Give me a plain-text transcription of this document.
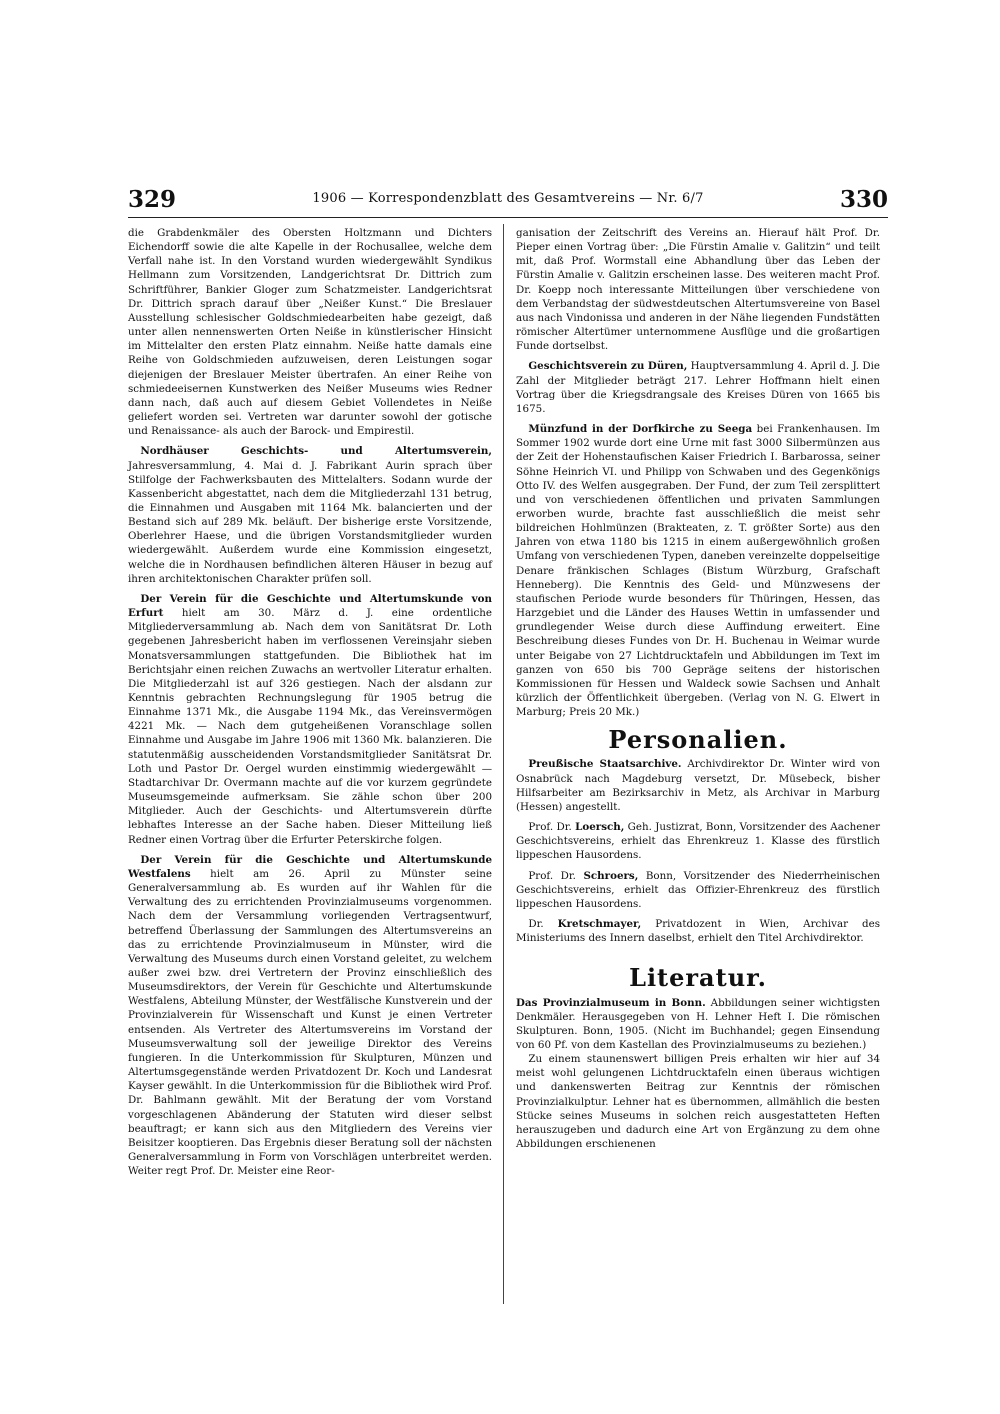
329	1906 — Korrespondenzblatt des Gesamtvereins — Nr. 6/7	330

die Grabdenkmäler des Obersten Holtzmann und Dichters Eichendorff sowie die alte Kapelle in der Rochusallee, welche dem Verfall nahe ist. In den Vorstand wurden wiedergewählt Syndikus Hellmann zum Vorsitzenden, Landgerichtsrat Dr. Dittrich zum Schriftführer, Bankier Gloger zum Schatzmeister. Landgerichtsrat Dr. Dittrich sprach darauf über „Neißer Kunst.“ Die Breslauer Ausstellung schlesischer Goldschmiedearbeiten habe gezeigt, daß unter allen nennenswerten Orten Neiße in künstlerischer Hinsicht im Mittelalter den ersten Platz einnahm. Neiße hatte damals eine Reihe von Goldschmieden aufzuweisen, deren Leistungen sogar diejenigen der Breslauer Meister übertrafen. An einer Reihe von schmiedeeisernen Kunstwerken des Neißer Museums wies Redner dann nach, daß auch auf diesem Gebiet Vollendetes in Neiße geliefert worden sei. Vertreten war darunter sowohl der gotische und Renaissance- als auch der Barock- und Empirestil.

Nordhäuser Geschichts- und Altertumsverein, Jahresversammlung, 4. Mai d. J. Fabrikant Aurin sprach über Stilfolge der Fachwerksbauten des Mittelalters. Sodann wurde der Kassenbericht abgestattet, nach dem die Mitgliederzahl 131 betrug, die Einnahmen und Ausgaben mit 1164 Mk. balancierten und der Bestand sich auf 289 Mk. beläuft. Der bisherige erste Vorsitzende, Oberlehrer Haese, und die übrigen Vorstandsmitglieder wurden wiedergewählt. Außerdem wurde eine Kommission eingesetzt, welche die in Nordhausen befindlichen älteren Häuser in bezug auf ihren architektonischen Charakter prüfen soll.

Der Verein für die Geschichte und Altertumskunde von Erfurt hielt am 30. März d. J. eine ordentliche Mitgliederversammlung ab. Nach dem von Sanitätsrat Dr. Loth gegebenen Jahresbericht haben im verflossenen Vereinsjahr sieben Monatsversammlungen stattgefunden. Die Bibliothek hat im Berichtsjahr einen reichen Zuwachs an wertvoller Literatur erhalten. Die Mitgliederzahl ist auf 326 gestiegen. Nach der alsdann zur Kenntnis gebrachten Rechnungslegung für 1905 betrug die Einnahme 1371 Mk., die Ausgabe 1194 Mk., das Vereinsvermögen 4221 Mk. — Nach dem gutgeheißenen Voranschlage sollen Einnahme und Ausgabe im Jahre 1906 mit 1360 Mk. balanzieren. Die statutenmäßig ausscheidenden Vorstandsmitglieder Sanitätsrat Dr. Loth und Pastor Dr. Oergel wurden einstimmig wiedergewählt — Stadtarchivar Dr. Overmann machte auf die vor kurzem gegründete Museumsgemeinde aufmerksam. Sie zähle schon über 200 Mitglieder. Auch der Geschichts- und Altertumsverein dürfte lebhaftes Interesse an der Sache haben. Dieser Mitteilung ließ Redner einen Vortrag über die Erfurter Peterskirche folgen.

Der Verein für die Geschichte und Altertumskunde Westfalens hielt am 26. April zu Münster seine Generalversammlung ab. Es wurden auf ihr Wahlen für die Verwaltung des zu errichtenden Provinzialmuseums vorgenommen. Nach dem der Versammlung vorliegenden Vertragsentwurf, betreffend Überlassung der Sammlungen des Altertumsvereins an das zu errichtende Provinzialmuseum in Münster, wird die Verwaltung des Museums durch einen Vorstand geleitet, zu welchem außer zwei bzw. drei Vertretern der Provinz einschließlich des Museumsdirektors, der Verein für Geschichte und Altertumskunde Westfalens, Abteilung Münster, der Westfälische Kunstverein und der Provinzialverein für Wissenschaft und Kunst je einen Vertreter entsenden. Als Vertreter des Altertumsvereins im Vorstand der Museumsverwaltung soll der jeweilige Direktor des Vereins fungieren. In die Unterkommission für Skulpturen, Münzen und Altertumsgegenstände werden Privatdozent Dr. Koch und Landesrat Kayser gewählt. In die Unterkommission für die Bibliothek wird Prof. Dr. Bahlmann gewählt. Mit der Beratung der vom Vorstand vorgeschlagenen Abänderung der Statuten wird dieser selbst beauftragt; er kann sich aus den Mitgliedern des Vereins vier Beisitzer kooptieren. Das Ergebnis dieser Beratung soll der nächsten Generalversammlung in Form von Vorschlägen unterbreitet werden. Weiter regt Prof. Dr. Meister eine Reor-

ganisation der Zeitschrift des Vereins an. Hierauf hält Prof. Dr. Pieper einen Vortrag über: „Die Fürstin Amalie v. Galitzin“ und teilt mit, daß Prof. Wormstall eine Abhandlung über das Leben der Fürstin Amalie v. Galitzin erscheinen lasse. Des weiteren macht Prof. Dr. Koepp noch interessante Mitteilungen über verschiedene von dem Verbandstag der südwestdeutschen Altertumsvereine von Basel aus nach Vindonissa und anderen in der Nähe liegenden Fundstätten römischer Altertümer unternommene Ausflüge und die großartigen Funde dortselbst.

Geschichtsverein zu Düren, Hauptversammlung 4. April d. J. Die Zahl der Mitglieder beträgt 217. Lehrer Hoffmann hielt einen Vortrag über die Kriegsdrangsale des Kreises Düren von 1665 bis 1675.

Münzfund in der Dorfkirche zu Seega bei Frankenhausen. Im Sommer 1902 wurde dort eine Urne mit fast 3000 Silbermünzen aus der Zeit der Hohenstaufischen Kaiser Friedrich I. Barbarossa, seiner Söhne Heinrich VI. und Philipp von Schwaben und des Gegenkönigs Otto IV. des Welfen ausgegraben. Der Fund, der zum Teil zersplittert und von verschiedenen öffentlichen und privaten Sammlungen erworben wurde, brachte fast ausschließlich die meist sehr bildreichen Hohlmünzen (Brakteaten, z. T. größter Sorte) aus den Jahren von etwa 1180 bis 1215 in einem außergewöhnlich großen Umfang von verschiedenen Typen, daneben vereinzelte doppelseitige Denare fränkischen Schlages (Bistum Würzburg, Grafschaft Henneberg). Die Kenntnis des Geld- und Münzwesens der staufischen Periode wurde besonders für Thüringen, Hessen, das Harzgebiet und die Länder des Hauses Wettin in umfassender und grundlegender Weise durch diese Auffindung erweitert. Eine Beschreibung dieses Fundes von Dr. H. Buchenau in Weimar wurde unter Beigabe von 27 Lichtdrucktafeln und Abbildungen im Text im ganzen von 650 bis 700 Gepräge seitens der historischen Kommissionen für Hessen und Waldeck sowie Sachsen und Anhalt kürzlich der Öffentlichkeit übergeben. (Verlag von N. G. Elwert in Marburg; Preis 20 Mk.)

Personalien.

Preußische Staatsarchive. Archivdirektor Dr. Winter wird von Osnabrück nach Magdeburg versetzt, Dr. Müsebeck, bisher Hilfsarbeiter am Bezirksarchiv in Metz, als Archivar in Marburg (Hessen) angestellt.

Prof. Dr. Loersch, Geh. Justizrat, Bonn, Vorsitzender des Aachener Geschichtsvereins, erhielt das Ehrenkreuz 1. Klasse des fürstlich lippeschen Hausordens.

Prof. Dr. Schroers, Bonn, Vorsitzender des Niederrheinischen Geschichtsvereins, erhielt das Offizier-Ehrenkreuz des fürstlich lippeschen Hausordens.

Dr. Kretschmayer, Privatdozent in Wien, Archivar des Ministeriums des Innern daselbst, erhielt den Titel Archivdirektor.

Literatur.

Das Provinzialmuseum in Bonn. Abbildungen seiner wichtigsten Denkmäler. Herausgegeben von H. Lehner Heft I. Die römischen Skulpturen. Bonn, 1905. (Nicht im Buchhandel; gegen Einsendung von 60 Pf. von dem Kastellan des Provinzialmuseums zu beziehen.)

Zu einem staunenswert billigen Preis erhalten wir hier auf 34 meist wohl gelungenen Lichtdrucktafeln einen überaus wichtigen und dankenswerten Beitrag zur Kenntnis der römischen Provinzialkulptur. Lehner hat es übernommen, allmählich die besten Stücke seines Museums in solchen reich ausgestatteten Heften herauszugeben und dadurch eine Art von Ergänzung zu dem ohne Abbildungen erschienenen
